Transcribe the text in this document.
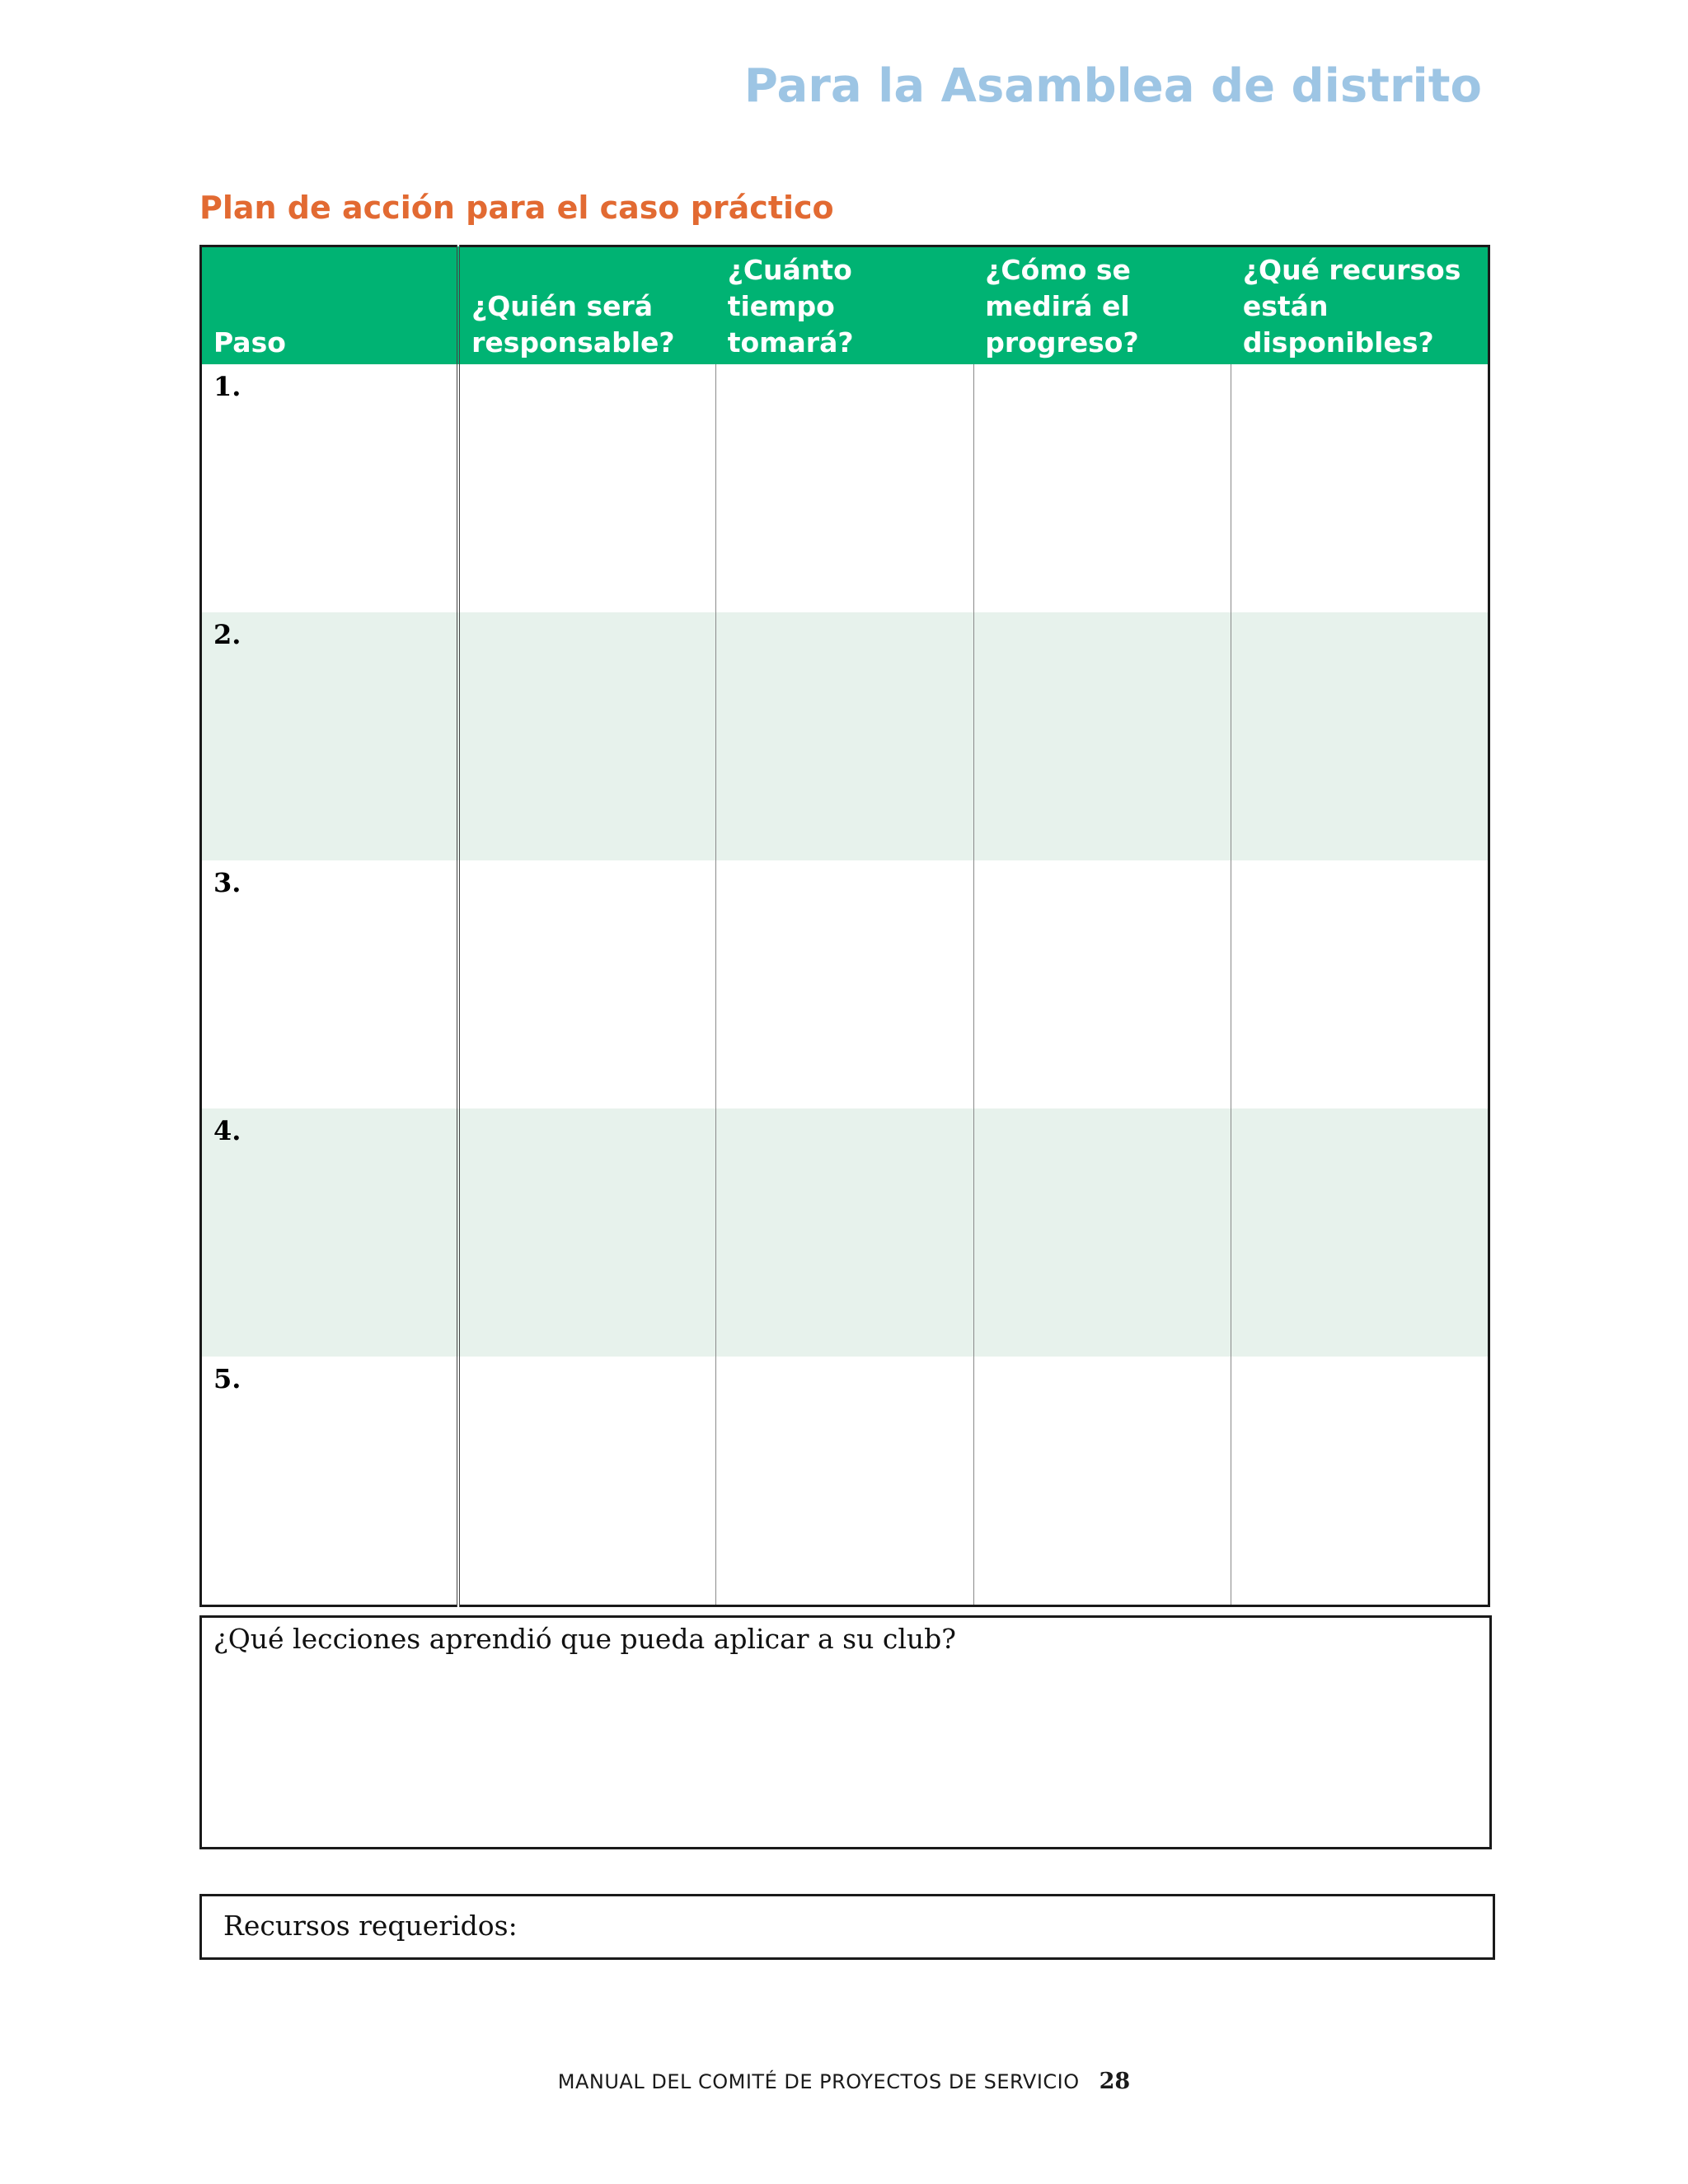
Para la Asamblea de distrito
Plan de acción para el caso práctico
Paso	¿Quién será responsable?	¿Cuánto tiempo tomará?	¿Cómo se medirá el progreso?	¿Qué recursos están disponibles?
1.				
2.				
3.				
4.				
5.				
¿Qué lecciones aprendió que pueda aplicar a su club?
Recursos requeridos:
MANUAL DEL COMITÉ DE PROYECTOS DE SERVICIO 28
